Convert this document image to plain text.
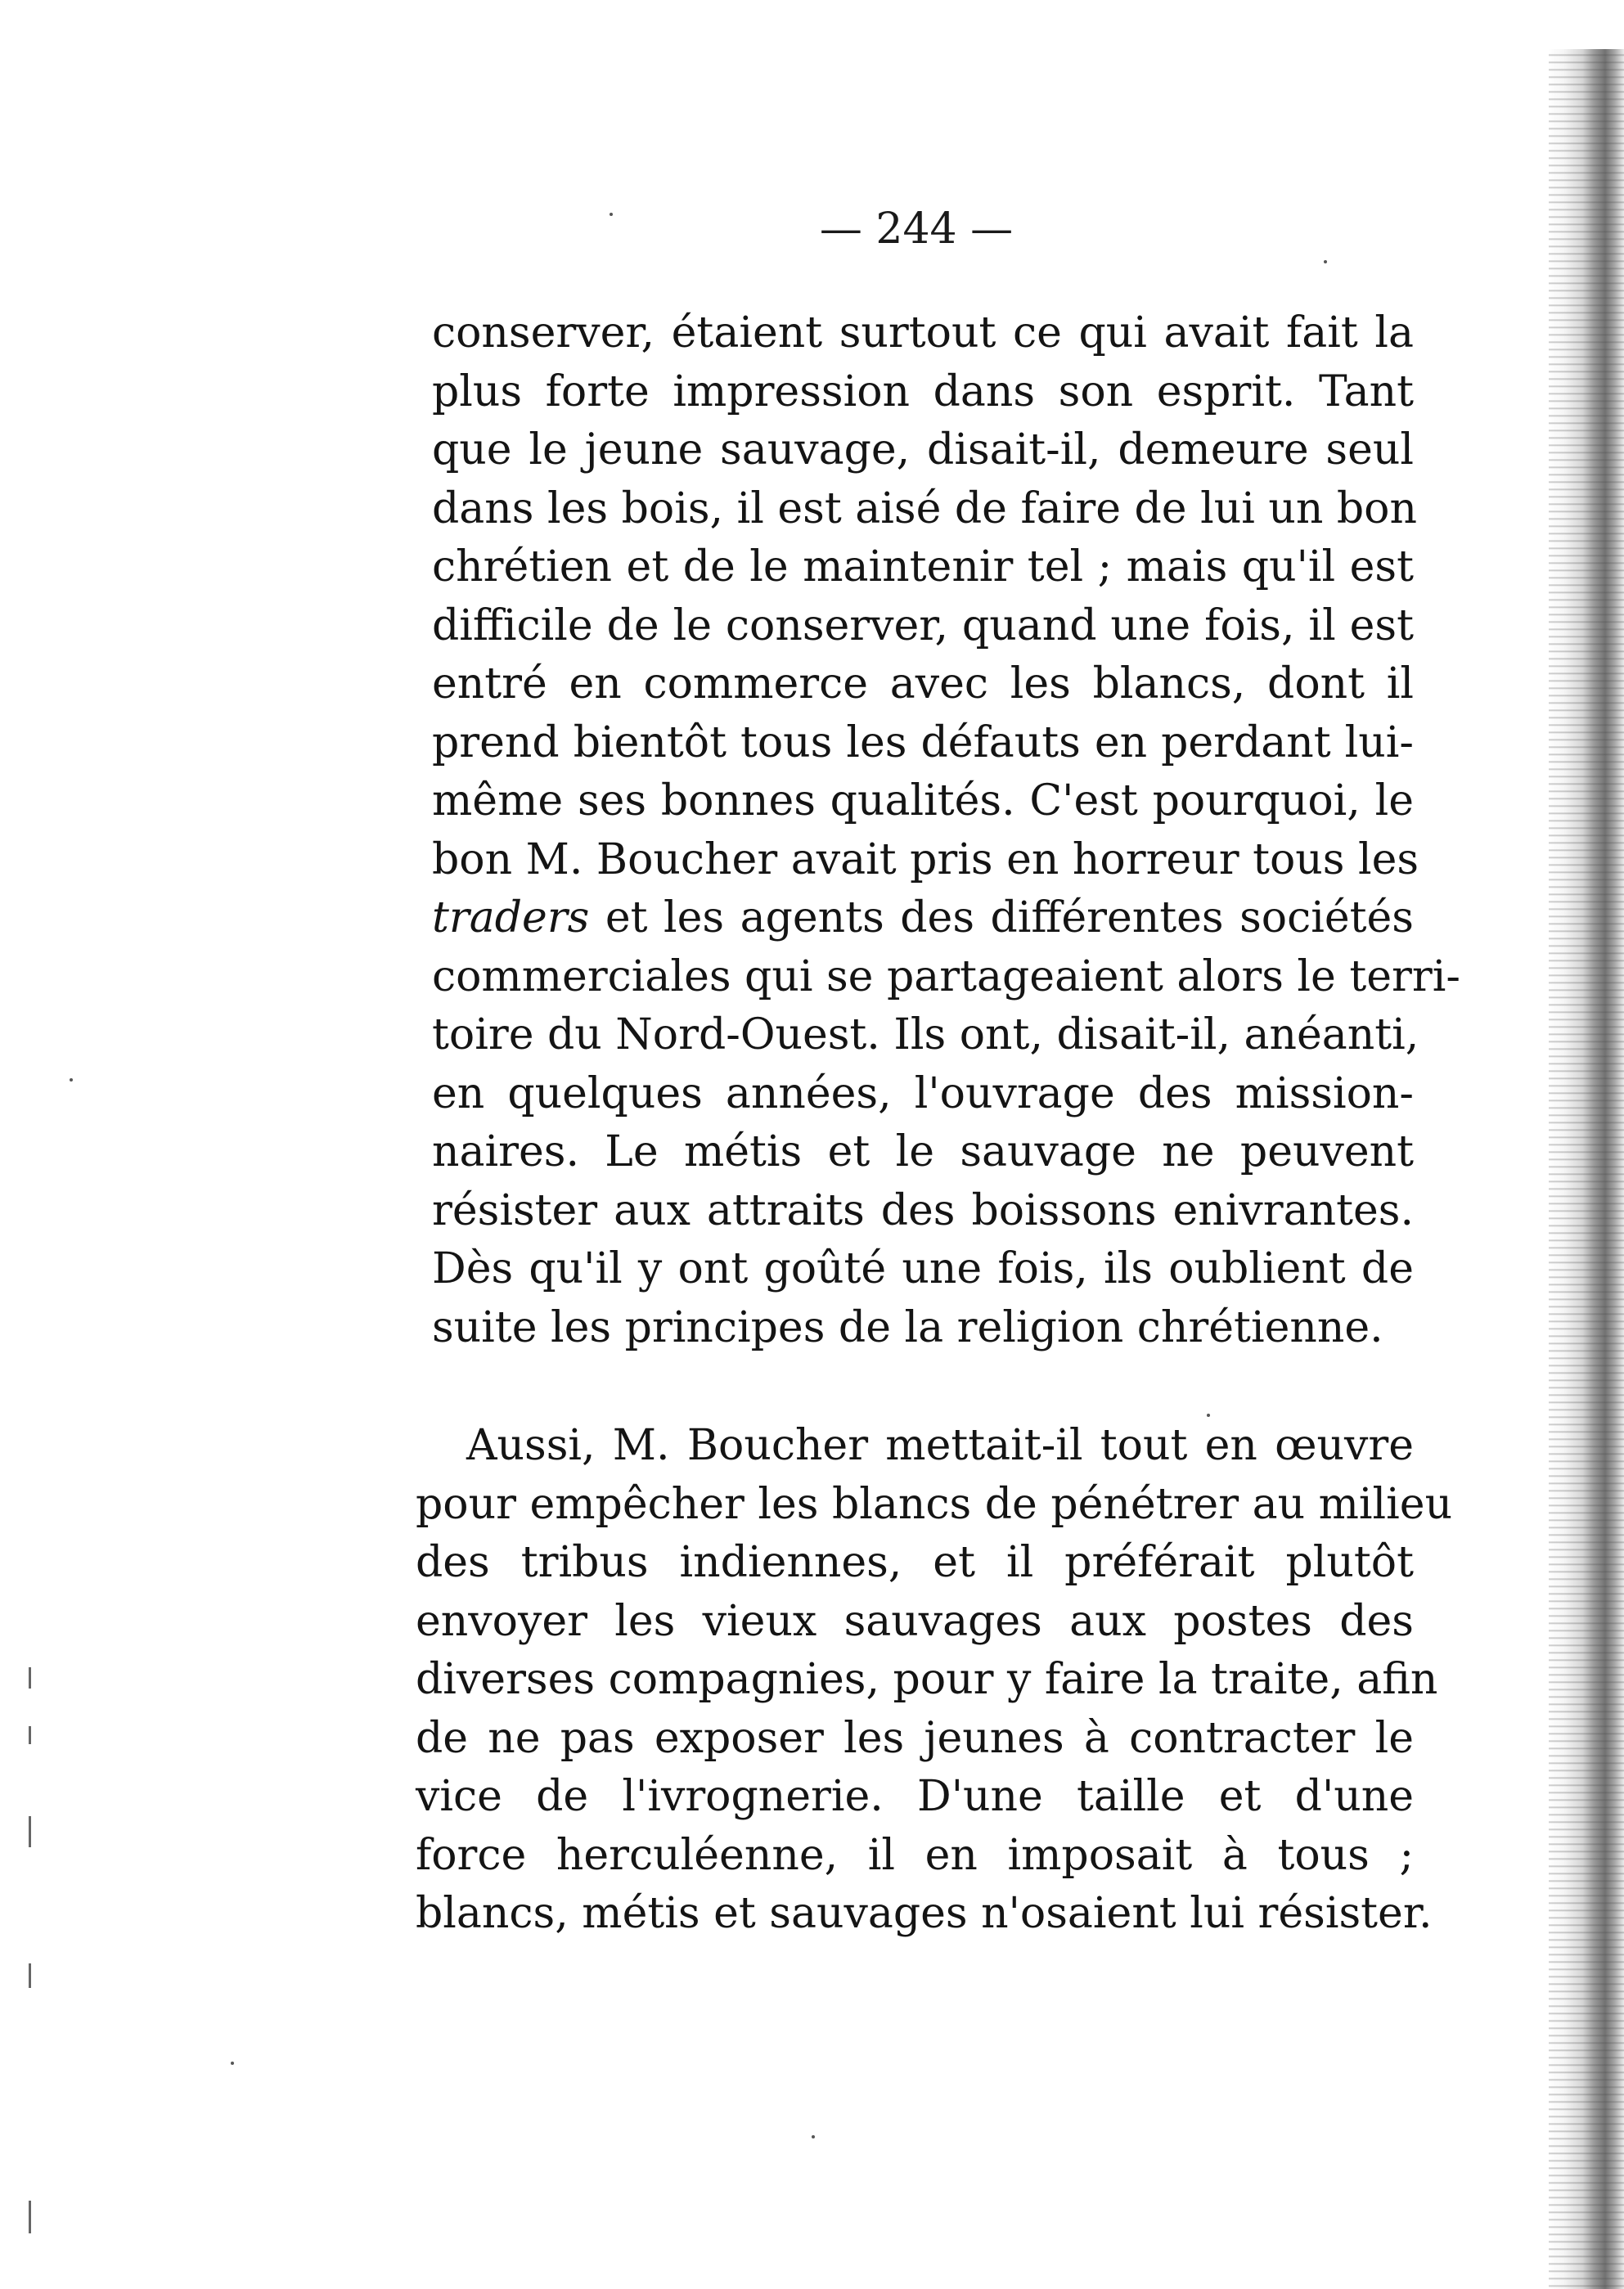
— 244 —
conserver, étaient surtout ce qui avait fait la
plus forte impression dans son esprit. Tant
que le jeune sauvage, disait-il, demeure seul
dans les bois, il est aisé de faire de lui un bon
chrétien et de le maintenir tel ; mais qu'il est
difficile de le conserver, quand une fois, il est
entré en commerce avec les blancs, dont il
prend bientôt tous les défauts en perdant lui-
même ses bonnes qualités. C'est pourquoi, le
bon M. Boucher avait pris en horreur tous les
traders et les agents des différentes sociétés
commerciales qui se partageaient alors le terri-
toire du Nord-Ouest. Ils ont, disait-il, anéanti,
en quelques années, l'ouvrage des mission-
naires. Le métis et le sauvage ne peuvent
résister aux attraits des boissons enivrantes.
Dès qu'il y ont goûté une fois, ils oublient de
suite les principes de la religion chrétienne.
Aussi, M. Boucher mettait-il tout en œuvre
pour empêcher les blancs de pénétrer au milieu
des tribus indiennes, et il préférait plutôt
envoyer les vieux sauvages aux postes des
diverses compagnies, pour y faire la traite, afin
de ne pas exposer les jeunes à contracter le
vice de l'ivrognerie. D'une taille et d'une
force herculéenne, il en imposait à tous ;
blancs, métis et sauvages n'osaient lui résister.
